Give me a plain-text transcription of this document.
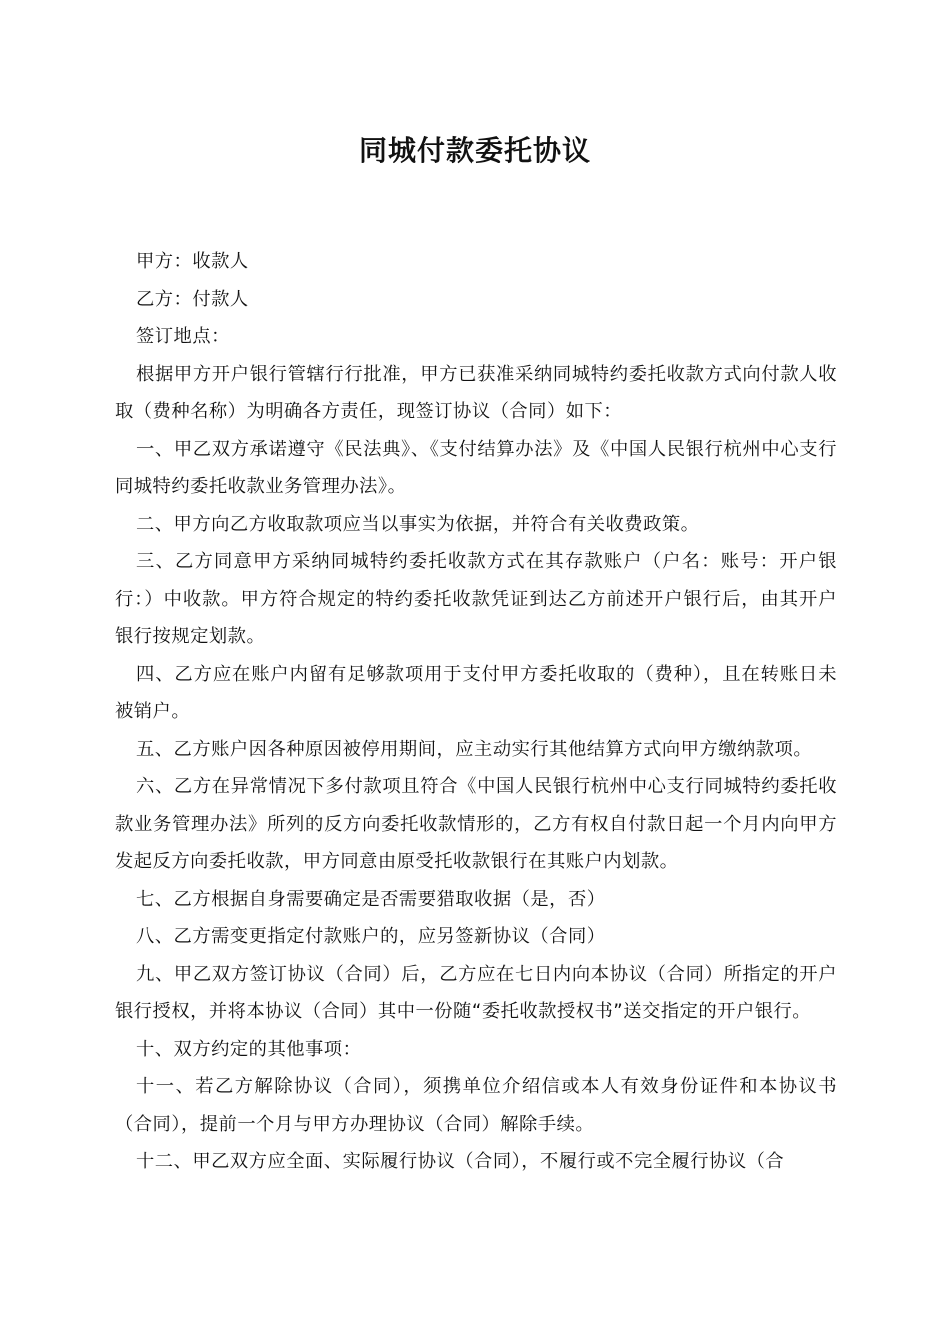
同城付款委托协议

甲方：收款人

乙方：付款人

签订地点：

根据甲方开户银行管辖行行批准，甲方已获准采纳同城特约委托收款方式向付款人收取（费种名称）为明确各方责任，现签订协议（合同）如下：

一、甲乙双方承诺遵守《民法典》、《支付结算办法》及《中国人民银行杭州中心支行同城特约委托收款业务管理办法》。

二、甲方向乙方收取款项应当以事实为依据，并符合有关收费政策。

三、乙方同意甲方采纳同城特约委托收款方式在其存款账户（户名：账号：开户银行：）中收款。甲方符合规定的特约委托收款凭证到达乙方前述开户银行后，由其开户银行按规定划款。

四、乙方应在账户内留有足够款项用于支付甲方委托收取的（费种），且在转账日未被销户。

五、乙方账户因各种原因被停用期间，应主动实行其他结算方式向甲方缴纳款项。

六、乙方在异常情况下多付款项且符合《中国人民银行杭州中心支行同城特约委托收款业务管理办法》所列的反方向委托收款情形的，乙方有权自付款日起一个月内向甲方发起反方向委托收款，甲方同意由原受托收款银行在其账户内划款。

七、乙方根据自身需要确定是否需要猎取收据（是，否）

八、乙方需变更指定付款账户的，应另签新协议（合同）

九、甲乙双方签订协议（合同）后，乙方应在七日内向本协议（合同）所指定的开户银行授权，并将本协议（合同）其中一份随“委托收款授权书”送交指定的开户银行。

十、双方约定的其他事项：

十一、若乙方解除协议（合同），须携单位介绍信或本人有效身份证件和本协议书（合同），提前一个月与甲方办理协议（合同）解除手续。

十二、甲乙双方应全面、实际履行协议（合同），不履行或不完全履行协议（合
